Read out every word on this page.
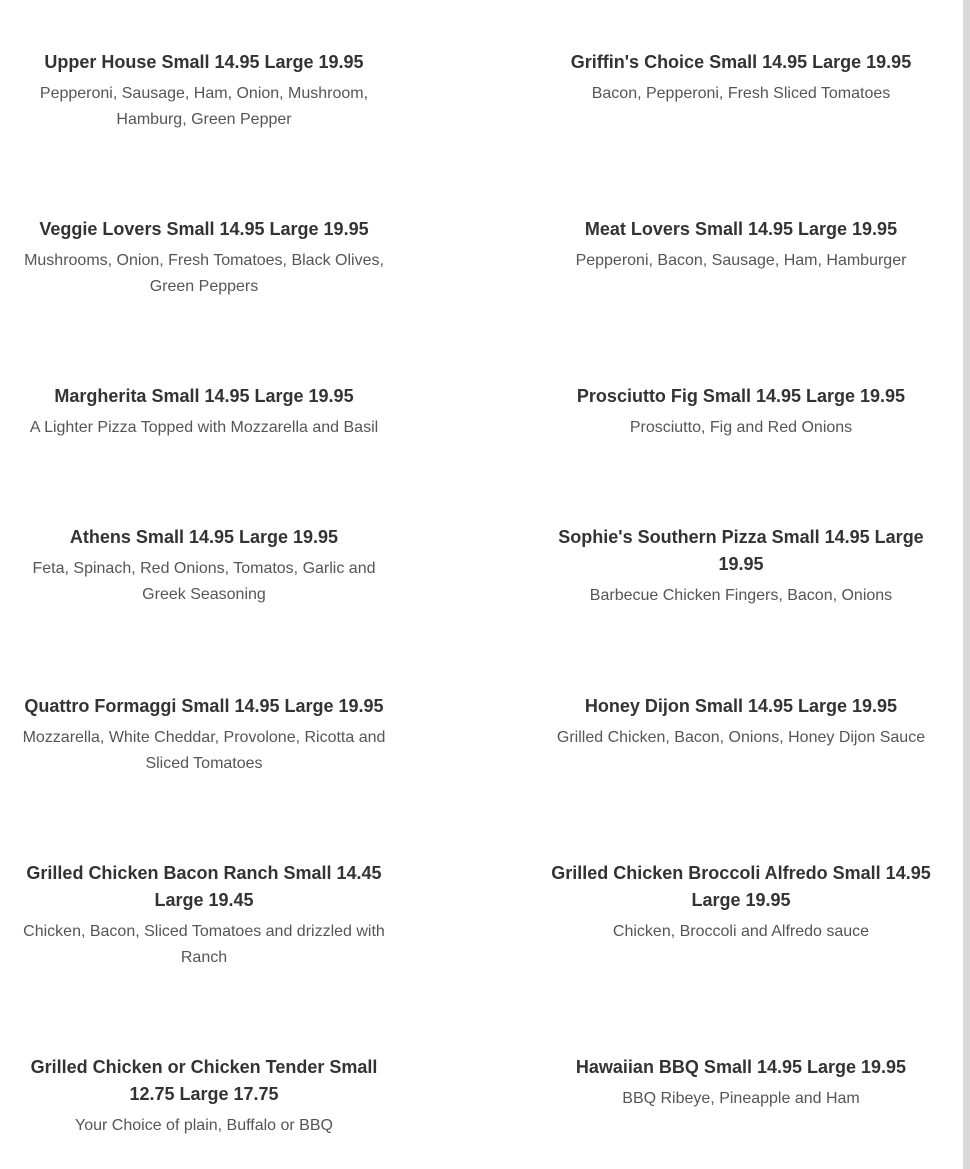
Upper House Small 14.95 Large 19.95

Pepperoni, Sausage, Ham, Onion, Mushroom, Hamburg, Green Pepper

Veggie Lovers Small 14.95 Large 19.95

Mushrooms, Onion, Fresh Tomatoes, Black Olives, Green Peppers

Margherita Small 14.95 Large 19.95

A Lighter Pizza Topped with Mozzarella and Basil

Athens Small 14.95 Large 19.95

Feta, Spinach, Red Onions, Tomatos, Garlic and Greek Seasoning

Quattro Formaggi Small 14.95 Large 19.95

Mozzarella, White Cheddar, Provolone, Ricotta and Sliced Tomatoes

Grilled Chicken Bacon Ranch Small 14.45 Large 19.45

Chicken, Bacon, Sliced Tomatoes and drizzled with Ranch

Grilled Chicken or Chicken Tender Small 12.75 Large 17.75

Your Choice of plain, Buffalo or BBQ

Griffin's Choice Small 14.95 Large 19.95

Bacon, Pepperoni, Fresh Sliced Tomatoes

Meat Lovers Small 14.95 Large 19.95

Pepperoni, Bacon, Sausage, Ham, Hamburger

Prosciutto Fig Small 14.95 Large 19.95

Prosciutto, Fig and Red Onions

Sophie's Southern Pizza Small 14.95 Large 19.95

Barbecue Chicken Fingers, Bacon, Onions

Honey Dijon Small 14.95 Large 19.95

Grilled Chicken, Bacon, Onions, Honey Dijon Sauce

Grilled Chicken Broccoli Alfredo Small 14.95 Large 19.95

Chicken, Broccoli and Alfredo sauce

Hawaiian BBQ Small 14.95 Large 19.95

BBQ Ribeye, Pineapple and Ham
